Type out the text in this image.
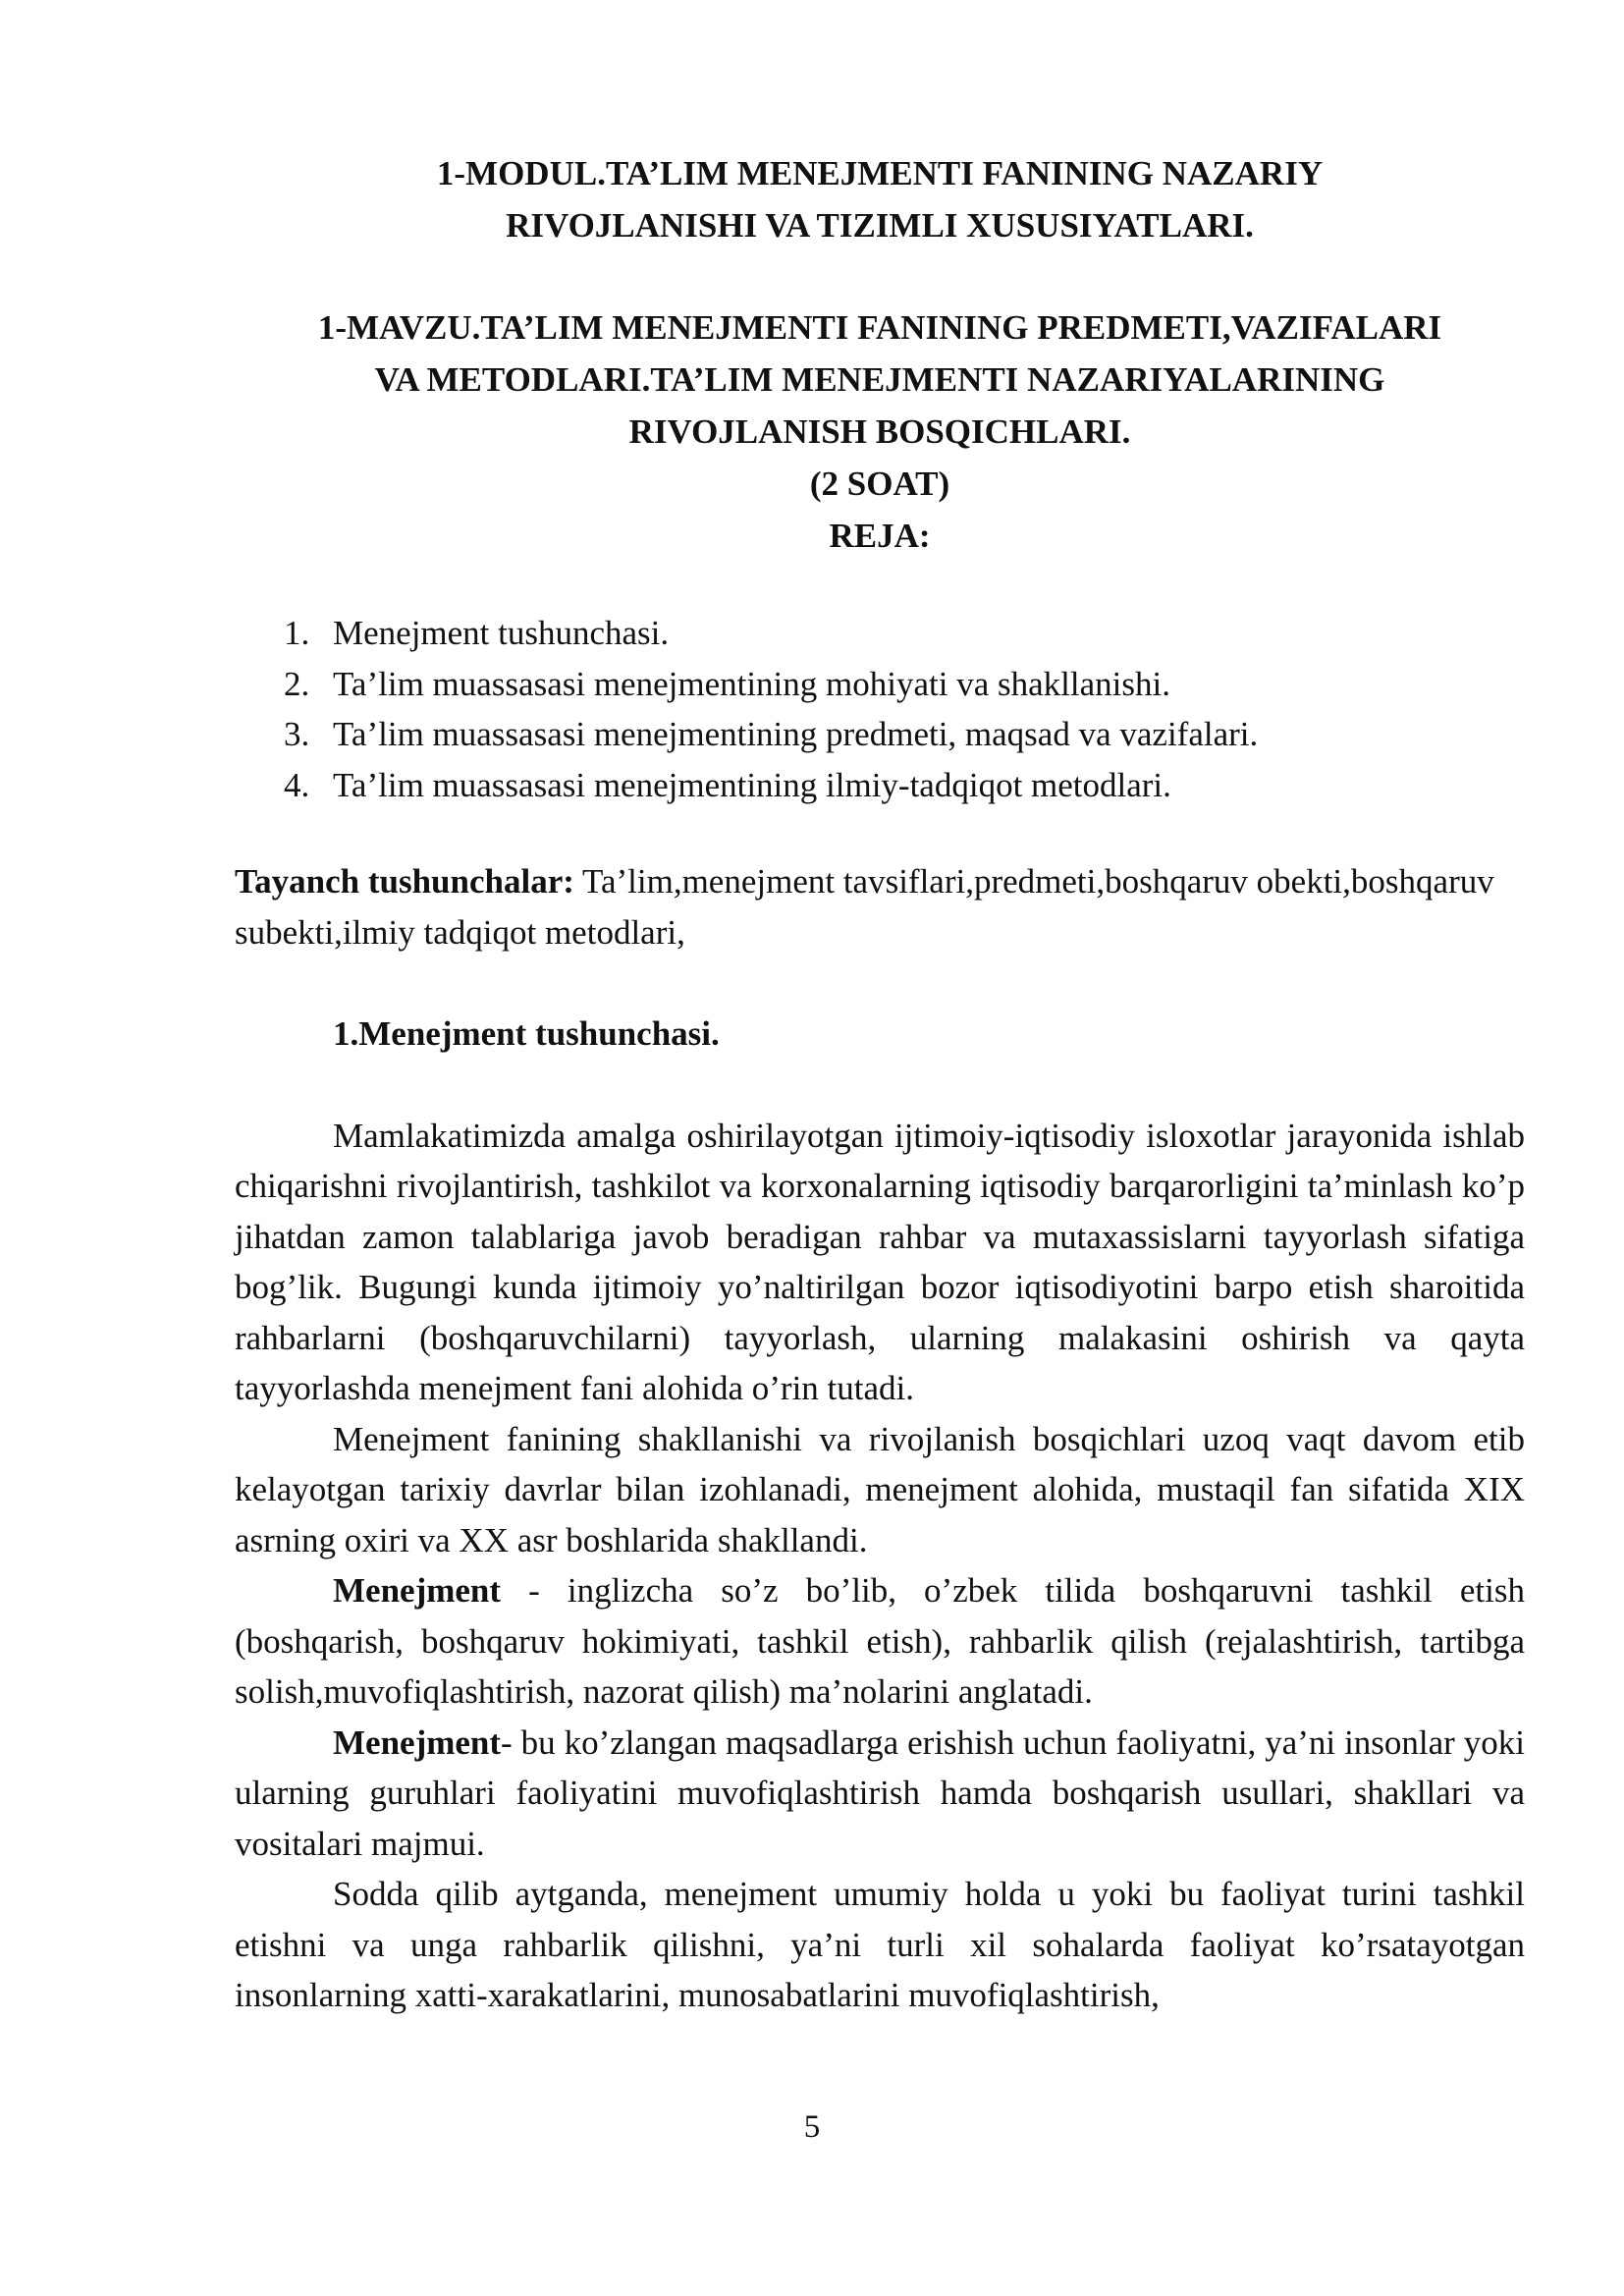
1-MODUL.TA’LIM MENEJMENTI FANINING NAZARIY
RIVOJLANISHI VA TIZIMLI XUSUSIYATLARI.
1-MAVZU.TA’LIM MENEJMENTI FANINING PREDMETI,VAZIFALARI
VA METODLARI.TA’LIM MENEJMENTI NAZARIYALARINING
RIVOJLANISH BOSQICHLARI.
(2 SOAT)
REJA:
1. Menejment tushunchasi.
2. Ta’lim muassasasi menejmentining mohiyati va shakllanishi.
3. Ta’lim muassasasi menejmentining predmeti, maqsad va vazifalari.
4. Ta’lim muassasasi menejmentining ilmiy-tadqiqot metodlari.

Tayanch tushunchalar: Ta’lim,menejment tavsiflari,predmeti,boshqaruv obekti,boshqaruv subekti,ilmiy tadqiqot metodlari,

1.Menejment tushunchasi.

Mamlakatimizda amalga oshirilayotgan ijtimoiy-iqtisodiy isloxotlar jarayonida ishlab chiqarishni rivojlantirish, tashkilot va korxonalarning iqtisodiy barqarorligini ta’minlash ko’p jihatdan zamon talablariga javob beradigan rahbar va mutaxassislarni tayyorlash sifatiga bog’lik. Bugungi kunda ijtimoiy yo’naltirilgan bozor iqtisodiyotini barpo etish sharoitida rahbarlarni (boshqaruvchilarni) tayyorlash, ularning malakasini oshirish va qayta tayyorlashda menejment fani alohida o’rin tutadi.

Menejment fanining shakllanishi va rivojlanish bosqichlari uzoq vaqt davom etib kelayotgan tarixiy davrlar bilan izohlanadi, menejment alohida, mustaqil fan sifatida XIX asrning oxiri va XX asr boshlarida shakllandi.

Menejment - inglizcha so’z bo’lib, o’zbek tilida boshqaruvni tashkil etish (boshqarish, boshqaruv hokimiyati, tashkil etish), rahbarlik qilish (rejalashtirish, tartibga solish,muvofiqlashtirish, nazorat qilish) ma’nolarini anglatadi.

Menejment- bu ko’zlangan maqsadlarga erishish uchun faoliyatni, ya’ni insonlar yoki ularning guruhlari faoliyatini muvofiqlashtirish hamda boshqarish usullari, shakllari va vositalari majmui.

Sodda qilib aytganda, menejment umumiy holda u yoki bu faoliyat turini tashkil etishni va unga rahbarlik qilishni, ya’ni turli xil sohalarda faoliyat ko’rsatayotgan insonlarning xatti-xarakatlarini, munosabatlarini muvofiqlashtirish,

5
